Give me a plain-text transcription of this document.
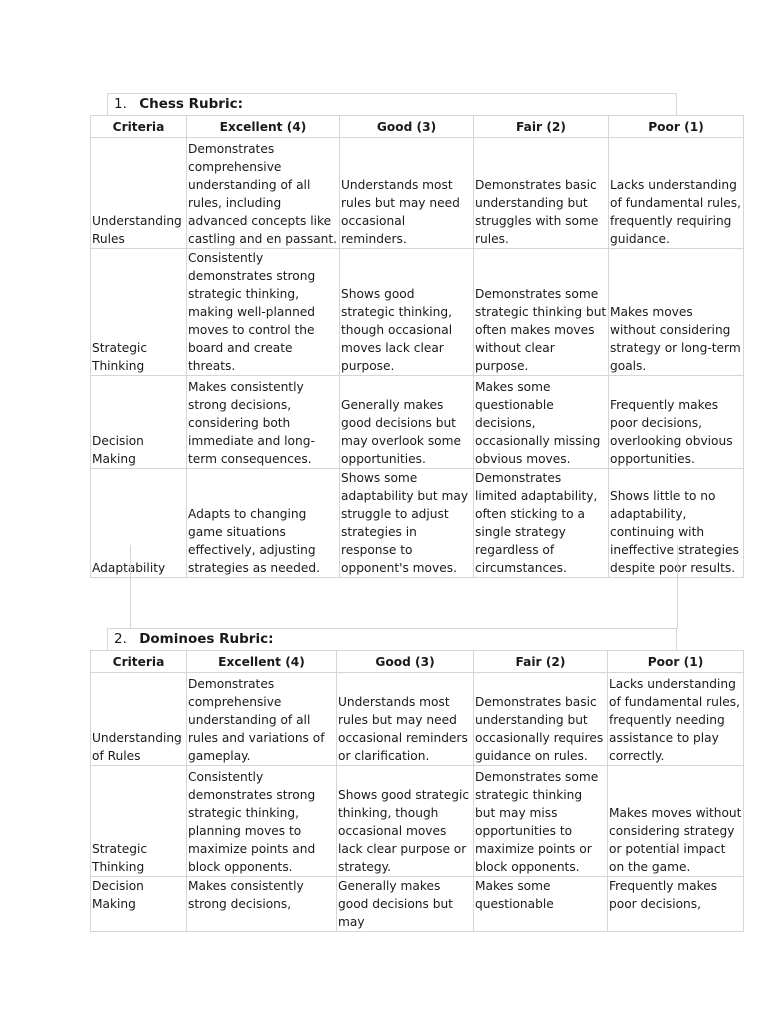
1. Chess Rubric:
Criteria	Excellent (4)	Good (3)	Fair (2)	Poor (1)
Understanding Rules	Demonstrates comprehensive understanding of all rules, including advanced concepts like castling and en passant.	Understands most rules but may need occasional reminders.	Demonstrates basic understanding but struggles with some rules.	Lacks understanding of fundamental rules, frequently requiring guidance.
Strategic Thinking	Consistently demonstrates strong strategic thinking, making well-planned moves to control the board and create threats.	Shows good strategic thinking, though occasional moves lack clear purpose.	Demonstrates some strategic thinking but often makes moves without clear purpose.	Makes moves without considering strategy or long-term goals.
Decision Making	Makes consistently strong decisions, considering both immediate and long-term consequences.	Generally makes good decisions but may overlook some opportunities.	Makes some questionable decisions, occasionally missing obvious moves.	Frequently makes poor decisions, overlooking obvious opportunities.
Adaptability	Adapts to changing game situations effectively, adjusting strategies as needed.	Shows some adaptability but may struggle to adjust strategies in response to opponent's moves.	Demonstrates limited adaptability, often sticking to a single strategy regardless of circumstances.	Shows little to no adaptability, continuing with ineffective strategies despite poor results.
2. Dominoes Rubric:
Criteria	Excellent (4)	Good (3)	Fair (2)	Poor (1)
Understanding of Rules	Demonstrates comprehensive understanding of all rules and variations of gameplay.	Understands most rules but may need occasional reminders or clarification.	Demonstrates basic understanding but occasionally requires guidance on rules.	Lacks understanding of fundamental rules, frequently needing assistance to play correctly.
Strategic Thinking	Consistently demonstrates strong strategic thinking, planning moves to maximize points and block opponents.	Shows good strategic thinking, though occasional moves lack clear purpose or strategy.	Demonstrates some strategic thinking but may miss opportunities to maximize points or block opponents.	Makes moves without considering strategy or potential impact on the game.
Decision Making	Makes consistently strong decisions,	Generally makes good decisions but may	Makes some questionable	Frequently makes poor decisions,
